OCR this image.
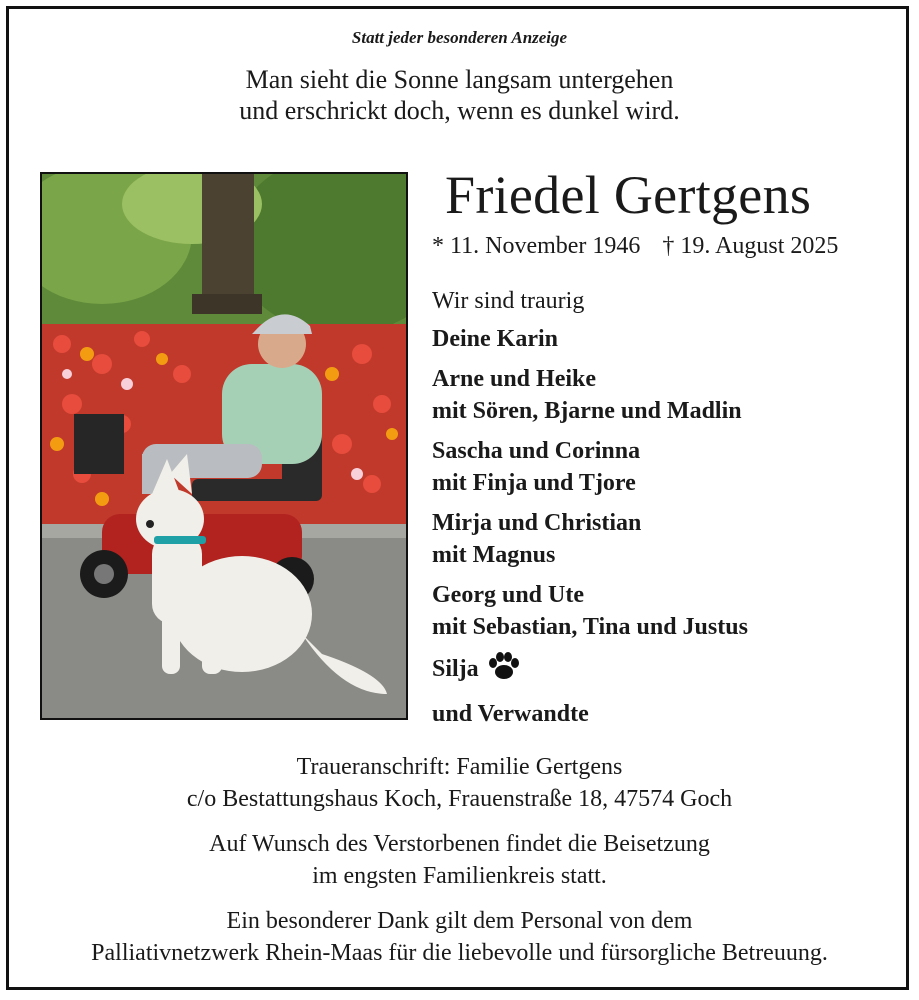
Statt jeder besonderen Anzeige
Man sieht die Sonne langsam untergehen
und erschrickt doch, wenn es dunkel wird.
Friedel Gertgens
* 11. November 1946 † 19. August 2025
Wir sind traurig
Deine Karin
Arne und Heike
mit Sören, Bjarne und Madlin
Sascha und Corinna
mit Finja und Tjore
Mirja und Christian
mit Magnus
Georg und Ute
mit Sebastian, Tina und Justus
Silja
und Verwandte
Traueranschrift: Familie Gertgens
c/o Bestattungshaus Koch, Frauenstraße 18, 47574 Goch
Auf Wunsch des Verstorbenen findet die Beisetzung
im engsten Familienkreis statt.
Ein besonderer Dank gilt dem Personal von dem
Palliativnetzwerk Rhein-Maas für die liebevolle und fürsorgliche Betreuung.
